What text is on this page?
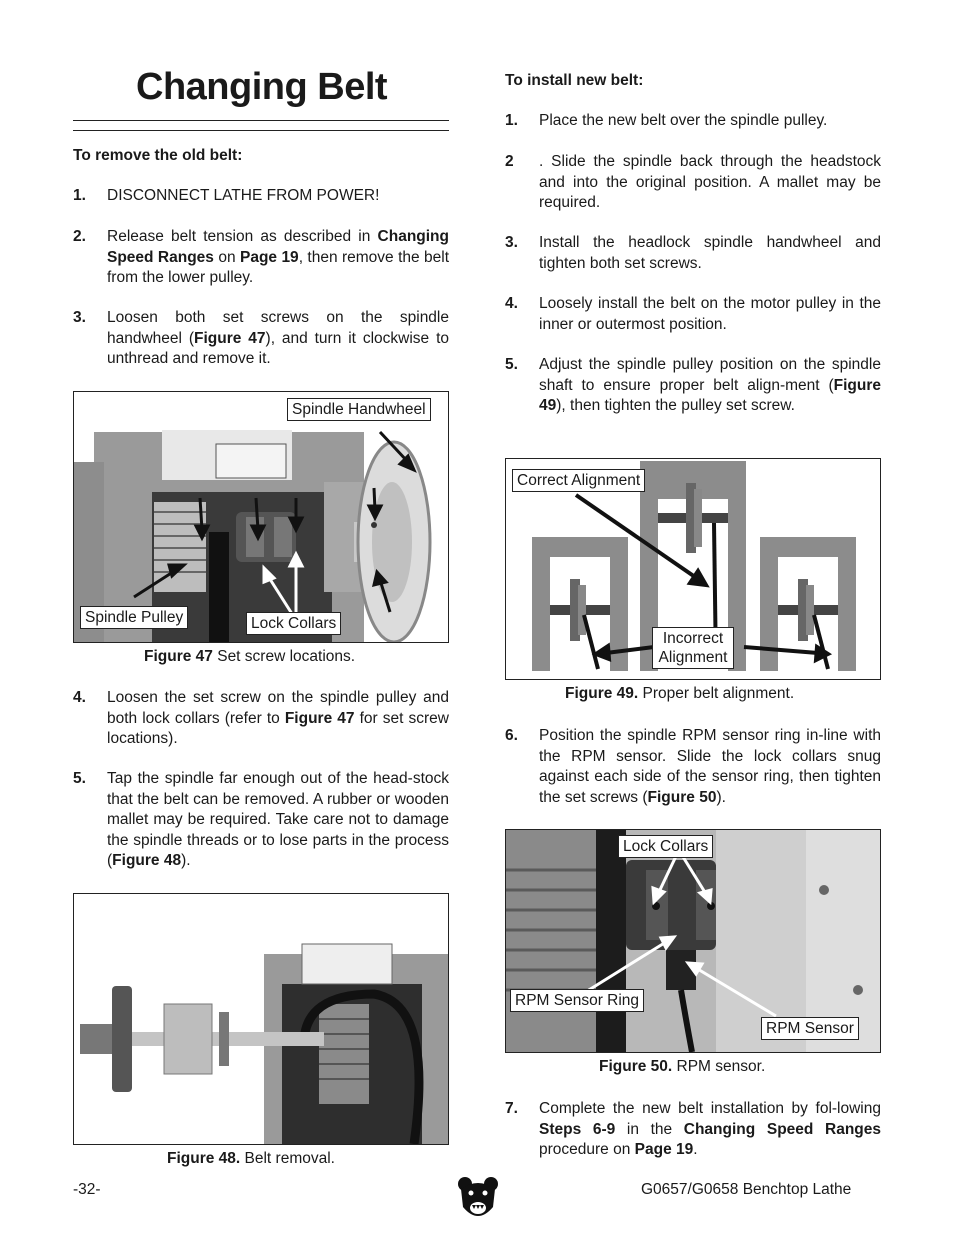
Changing Belt
To remove the old belt:
1. DISCONNECT LATHE FROM POWER!
2. Release belt tension as described in Changing Speed Ranges on Page 19, then remove the belt from the lower pulley.
3. Loosen both set screws on the spindle handwheel (Figure 47), and turn it clockwise to unthread and remove it.
Spindle Handwheel
Spindle Pulley	Lock Collars
Figure 47 Set screw locations.
4. Loosen the set screw on the spindle pulley and both lock collars (refer to Figure 47 for set screw locations).
5. Tap the spindle far enough out of the head-stock that the belt can be removed. A rubber or wooden mallet may be required. Take care not to damage the spindle threads or to lose parts in the process (Figure 48).
Figure 48. Belt removal.
To install new belt:
1. Place the new belt over the spindle pulley.
2 . Slide the spindle back through the headstock and into the original position. A mallet may be required.
3. Install the headlock spindle handwheel and tighten both set screws.
4. Loosely install the belt on the motor pulley in the inner or outermost position.
5. Adjust the spindle pulley position on the spindle shaft to ensure proper belt align-ment (Figure 49), then tighten the pulley set screw.
Correct Alignment
Incorrect Alignment
Figure 49. Proper belt alignment.
6. Position the spindle RPM sensor ring in-line with the RPM sensor. Slide the lock collars snug against each side of the sensor ring, then tighten the set screws (Figure 50).
Lock Collars
RPM Sensor Ring
RPM Sensor
Figure 50. RPM sensor.
7. Complete the new belt installation by fol-lowing Steps 6-9 in the Changing Speed Ranges procedure on Page 19.
-32-	G0657/G0658 Benchtop Lathe
